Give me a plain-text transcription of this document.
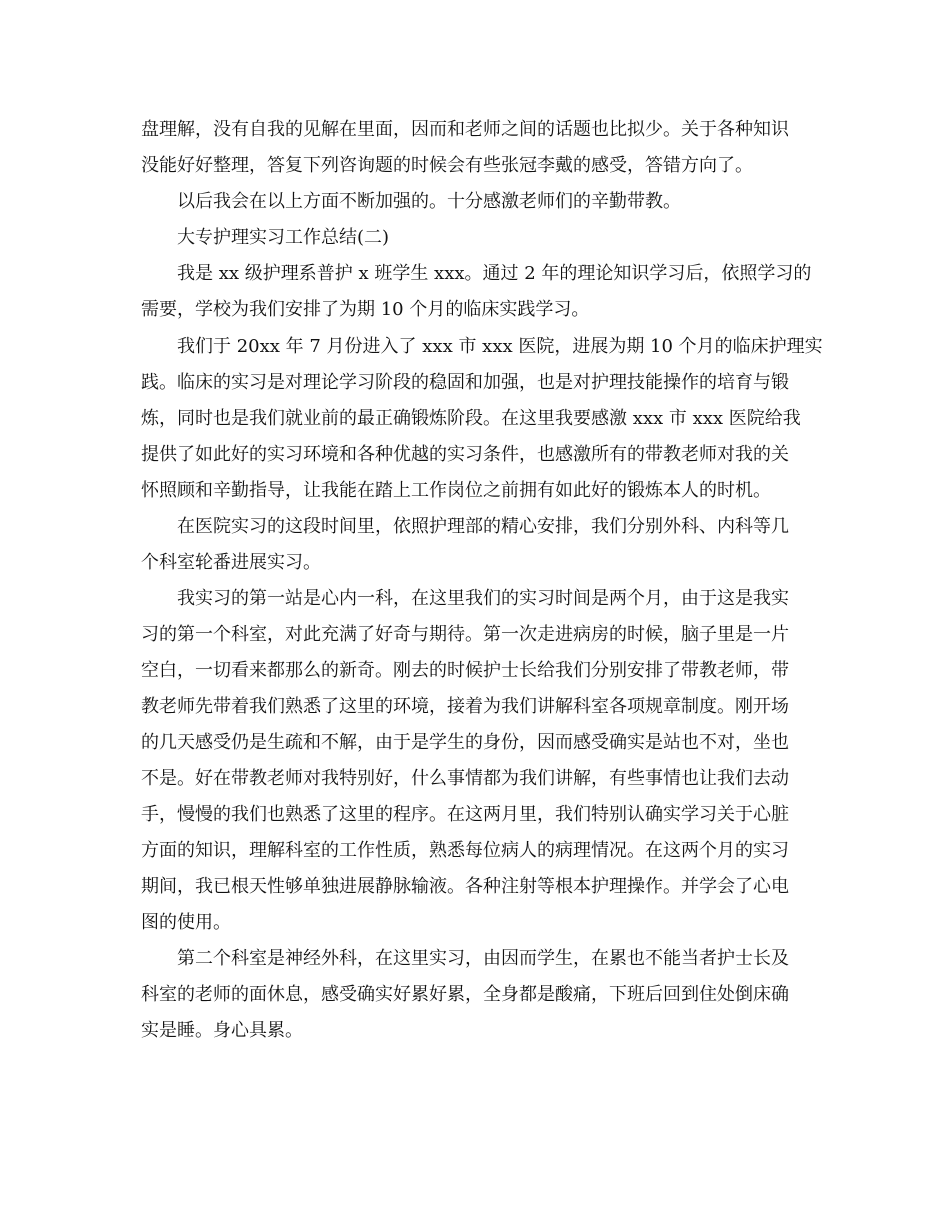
盘理解，没有自我的见解在里面，因而和老师之间的话题也比拟少。关于各种知识
没能好好整理，答复下列咨询题的时候会有些张冠李戴的感受，答错方向了。
以后我会在以上方面不断加强的。十分感激老师们的辛勤带教。
大专护理实习工作总结(二)
我是 xx 级护理系普护 x 班学生 xxx。通过 2 年的理论知识学习后，依照学习的
需要，学校为我们安排了为期 10 个月的临床实践学习。
我们于 20xx 年 7 月份进入了 xxx 市 xxx 医院，进展为期 10 个月的临床护理实
践。临床的实习是对理论学习阶段的稳固和加强，也是对护理技能操作的培育与锻
炼，同时也是我们就业前的最正确锻炼阶段。在这里我要感激 xxx 市 xxx 医院给我
提供了如此好的实习环境和各种优越的实习条件，也感激所有的带教老师对我的关
怀照顾和辛勤指导，让我能在踏上工作岗位之前拥有如此好的锻炼本人的时机。
在医院实习的这段时间里，依照护理部的精心安排，我们分别外科、内科等几
个科室轮番进展实习。
我实习的第一站是心内一科，在这里我们的实习时间是两个月，由于这是我实
习的第一个科室，对此充满了好奇与期待。第一次走进病房的时候，脑子里是一片
空白，一切看来都那么的新奇。刚去的时候护士长给我们分别安排了带教老师，带
教老师先带着我们熟悉了这里的环境，接着为我们讲解科室各项规章制度。刚开场
的几天感受仍是生疏和不解，由于是学生的身份，因而感受确实是站也不对，坐也
不是。好在带教老师对我特别好，什么事情都为我们讲解，有些事情也让我们去动
手，慢慢的我们也熟悉了这里的程序。在这两月里，我们特别认确实学习关于心脏
方面的知识，理解科室的工作性质，熟悉每位病人的病理情况。在这两个月的实习
期间，我已根天性够单独进展静脉输液。各种注射等根本护理操作。并学会了心电
图的使用。
第二个科室是神经外科，在这里实习，由因而学生，在累也不能当者护士长及
科室的老师的面休息，感受确实好累好累，全身都是酸痛，下班后回到住处倒床确
实是睡。身心具累。
